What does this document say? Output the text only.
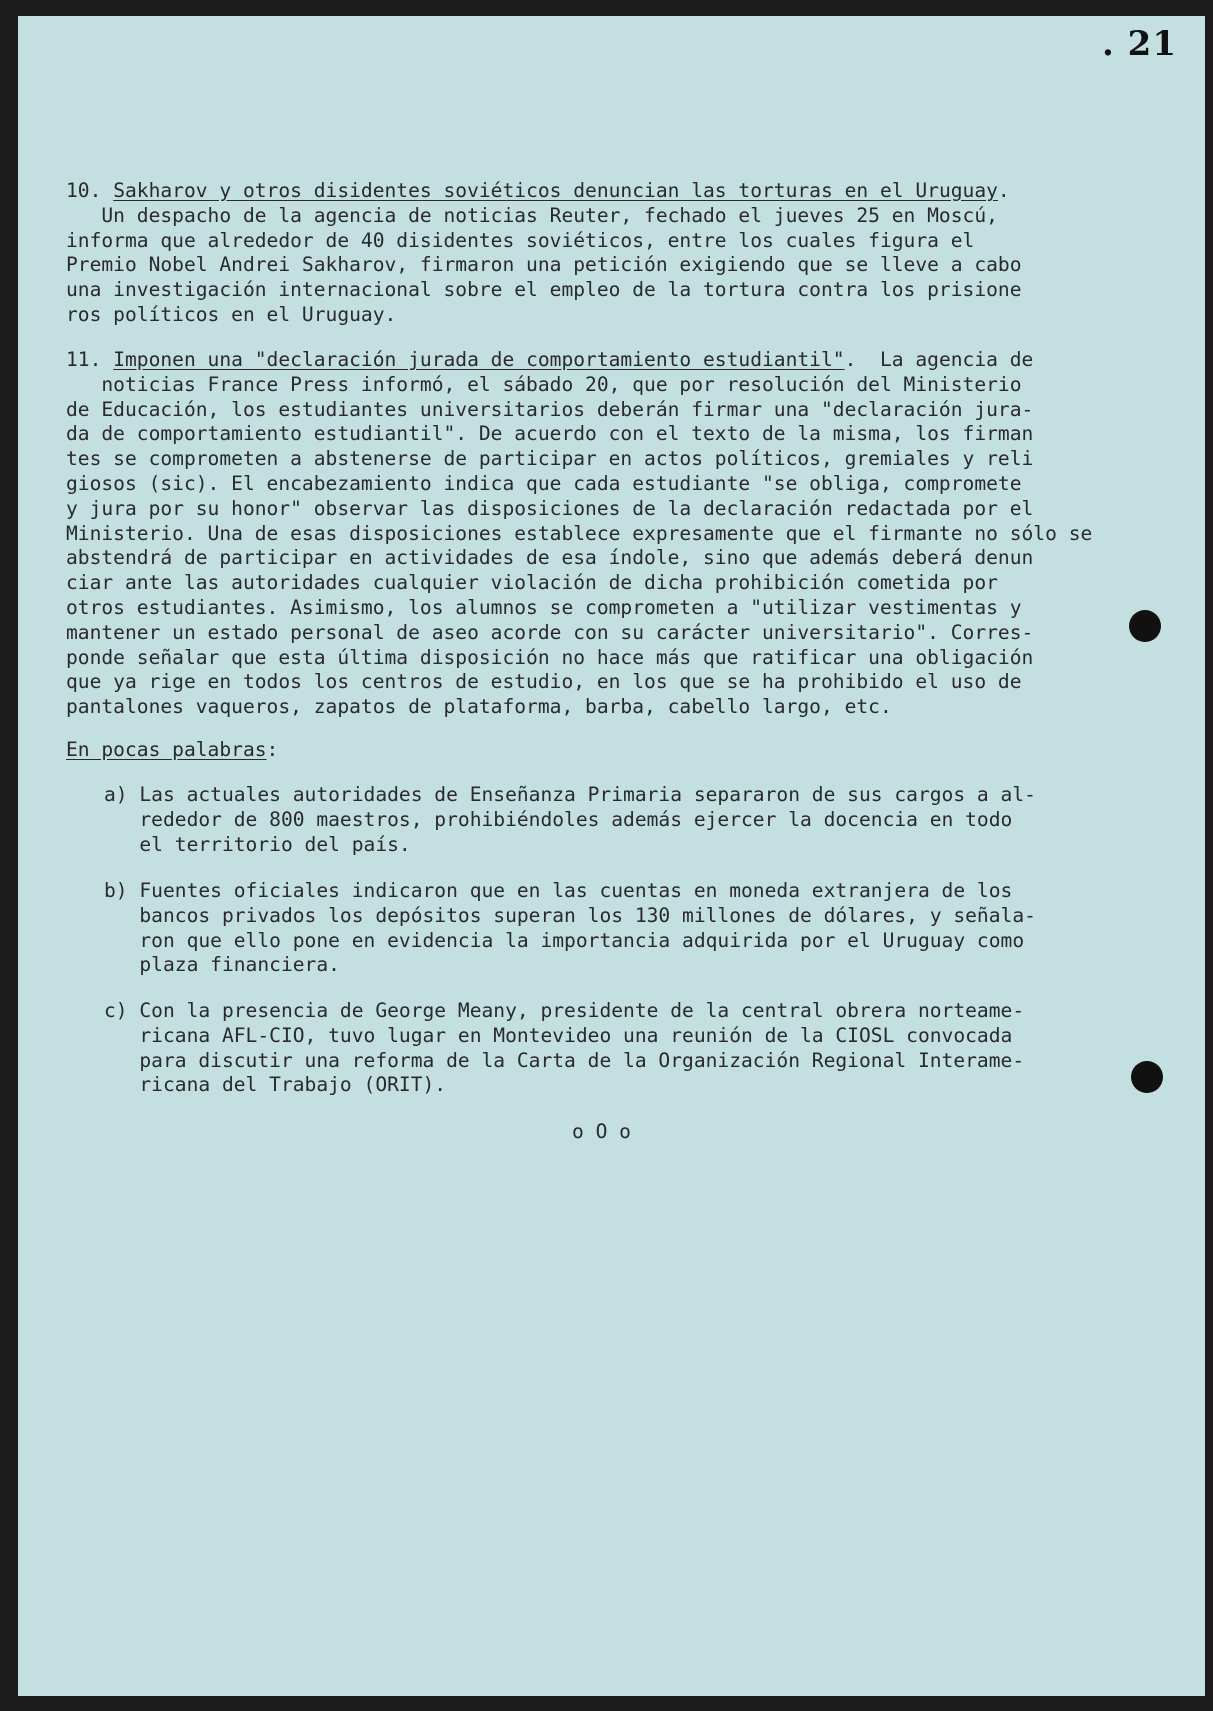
. 21
10. Sakharov y otros disidentes soviéticos denuncian las torturas en el Uruguay.
Un despacho de la agencia de noticias Reuter, fechado el jueves 25 en Moscú,
informa que alrededor de 40 disidentes soviéticos, entre los cuales figura el
Premio Nobel Andrei Sakharov, firmaron una petición exigiendo que se lleve a cabo
una investigación internacional sobre el empleo de la tortura contra los prisione
ros políticos en el Uruguay.
11. Imponen una "declaración jurada de comportamiento estudiantil".  La agencia de
noticias France Press informó, el sábado 20, que por resolución del Ministerio
de Educación, los estudiantes universitarios deberán firmar una "declaración jura-
da de comportamiento estudiantil". De acuerdo con el texto de la misma, los firman
tes se comprometen a abstenerse de participar en actos políticos, gremiales y reli
giosos (sic). El encabezamiento indica que cada estudiante "se obliga, compromete
y jura por su honor" observar las disposiciones de la declaración redactada por el
Ministerio. Una de esas disposiciones establece expresamente que el firmante no sólo se
abstendrá de participar en actividades de esa índole, sino que además deberá denun
ciar ante las autoridades cualquier violación de dicha prohibición cometida por
otros estudiantes. Asimismo, los alumnos se comprometen a "utilizar vestimentas y
mantener un estado personal de aseo acorde con su carácter universitario". Corres-
ponde señalar que esta última disposición no hace más que ratificar una obligación
que ya rige en todos los centros de estudio, en los que se ha prohibido el uso de
pantalones vaqueros, zapatos de plataforma, barba, cabello largo, etc.
En pocas palabras:
a) Las actuales autoridades de Enseñanza Primaria separaron de sus cargos a al-
rededor de 800 maestros, prohibiéndoles además ejercer la docencia en todo
el territorio del país.
b) Fuentes oficiales indicaron que en las cuentas en moneda extranjera de los
bancos privados los depósitos superan los 130 millones de dólares, y señala-
ron que ello pone en evidencia la importancia adquirida por el Uruguay como
plaza financiera.
c) Con la presencia de George Meany, presidente de la central obrera norteame-
ricana AFL-CIO, tuvo lugar en Montevideo una reunión de la CIOSL convocada
para discutir una reforma de la Carta de la Organización Regional Interame-
ricana del Trabajo (ORIT).
o O o
